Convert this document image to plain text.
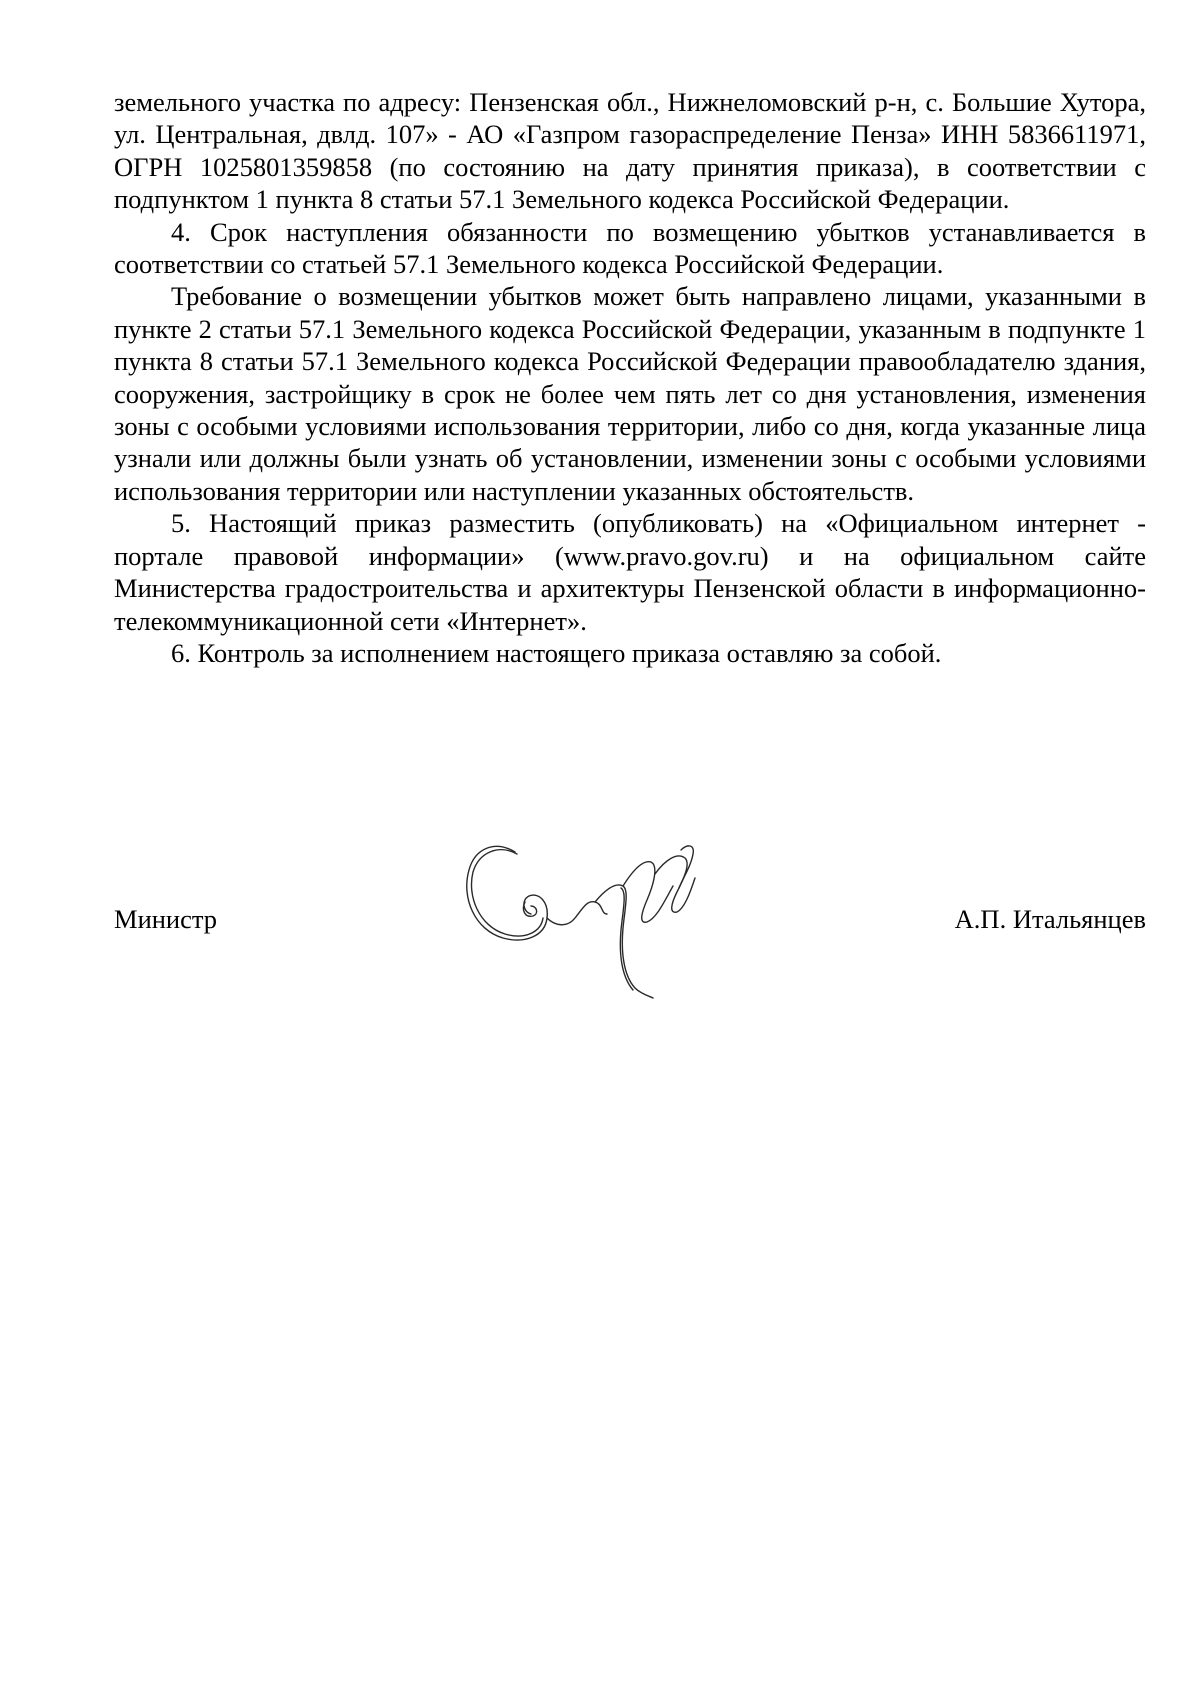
земельного участка по адресу: Пензенская обл., Нижнеломовский р-н, с. Большие Хутора, ул. Центральная, двлд. 107» - АО «Газпром газораспределение Пенза» ИНН 5836611971, ОГРН 1025801359858 (по состоянию на дату принятия приказа), в соответствии с подпунктом 1 пункта 8 статьи 57.1 Земельного кодекса Российской Федерации.

4. Срок наступления обязанности по возмещению убытков устанавливается в соответствии со статьей 57.1 Земельного кодекса Российской Федерации.

Требование о возмещении убытков может быть направлено лицами, указанными в пункте 2 статьи 57.1 Земельного кодекса Российской Федерации, указанным в подпункте 1 пункта 8 статьи 57.1 Земельного кодекса Российской Федерации правообладателю здания, сооружения, застройщику в срок не более чем пять лет со дня установления, изменения зоны с особыми условиями использования территории, либо со дня, когда указанные лица узнали или должны были узнать об установлении, изменении зоны с особыми условиями использования территории или наступлении указанных обстоятельств.

5. Настоящий приказ разместить (опубликовать) на «Официальном интернет - портале правовой информации» (www.pravo.gov.ru) и на официальном сайте Министерства градостроительства и архитектуры Пензенской области в информационно-телекоммуникационной сети «Интернет».

6. Контроль за исполнением настоящего приказа оставляю за собой.

Министр	А.П. Итальянцев
